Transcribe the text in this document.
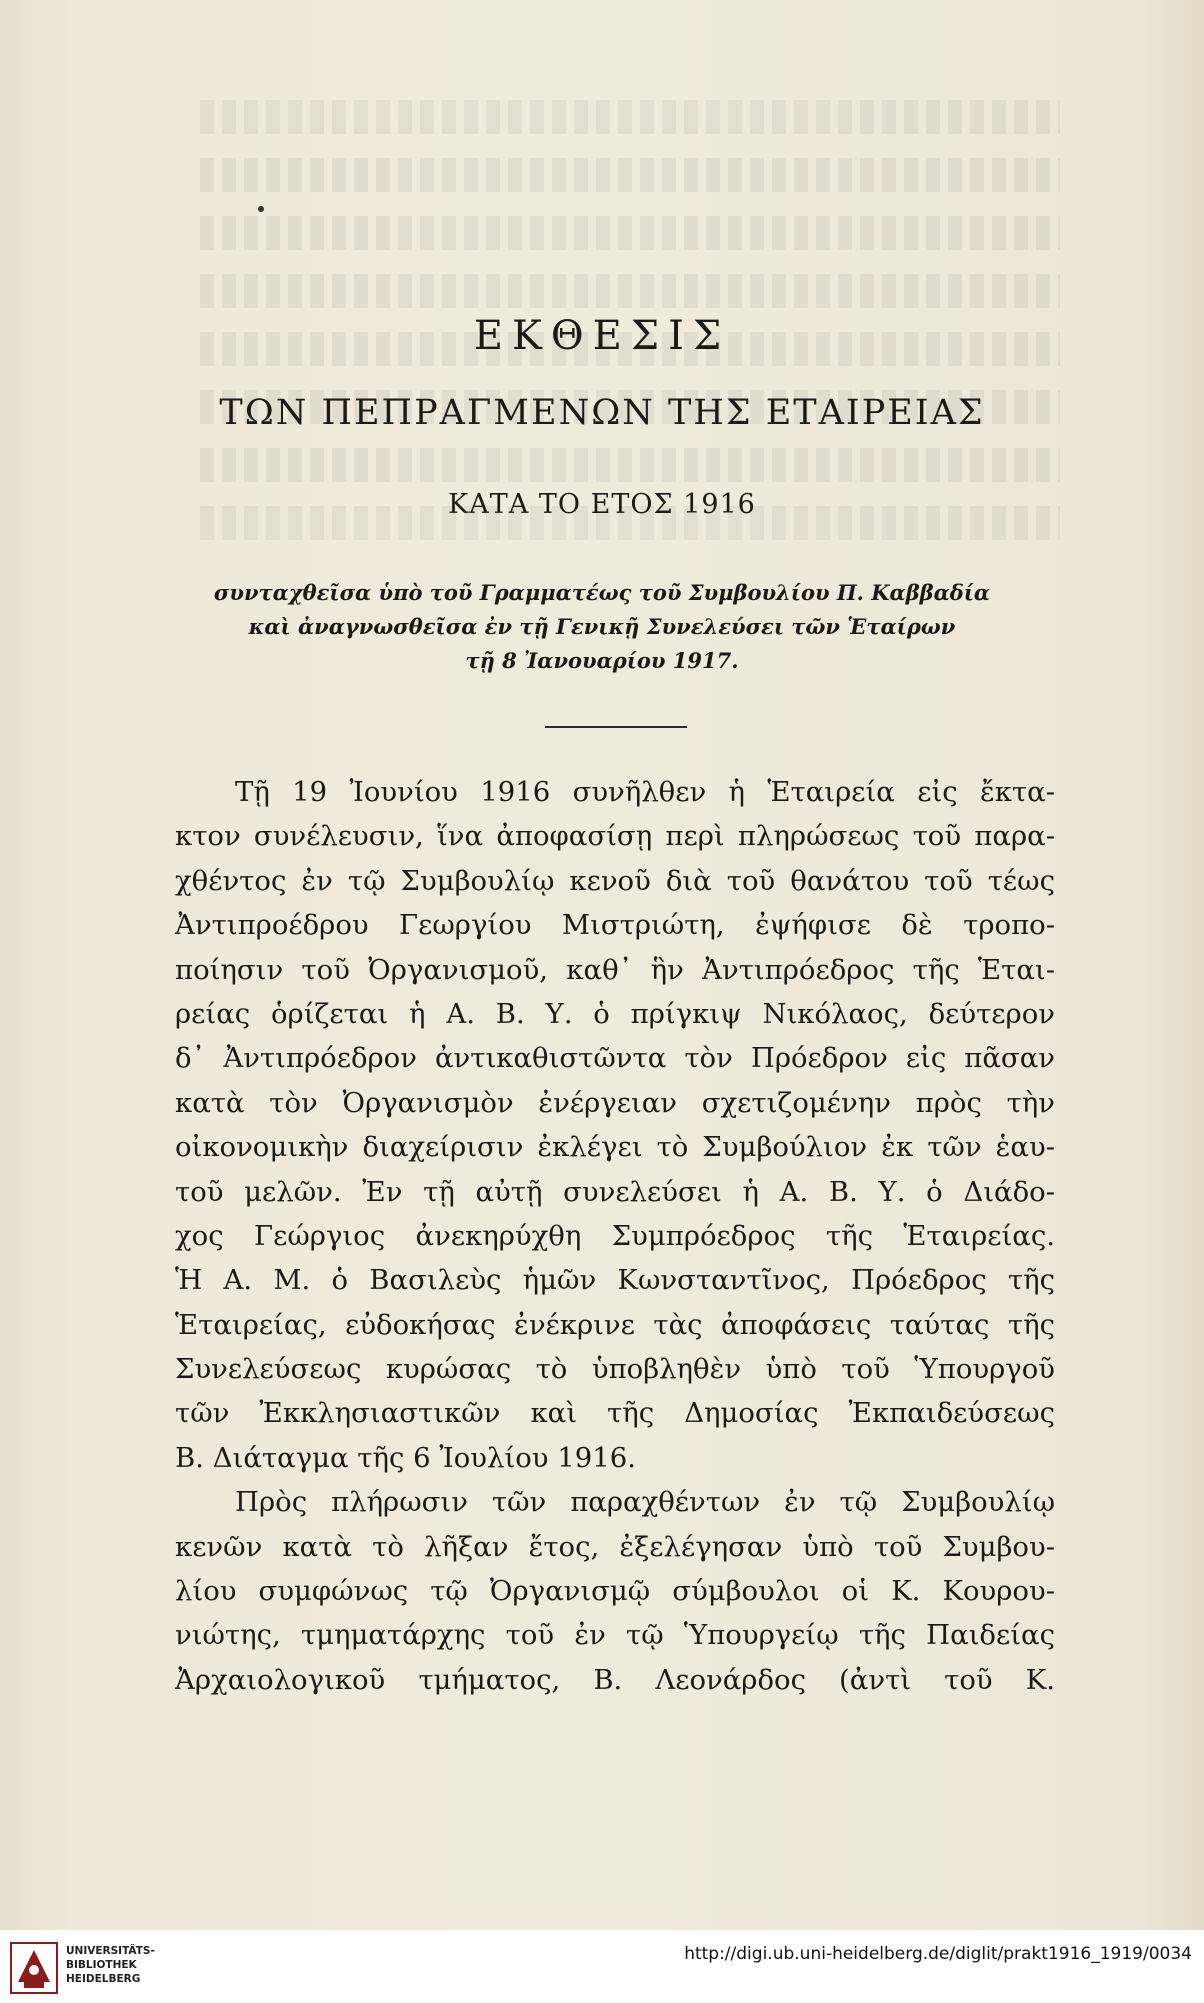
ΕΚΘΕΣΙΣ
ΤΩΝ ΠΕΠΡΑΓΜΕΝΩΝ ΤΗΣ ΕΤΑΙΡΕΙΑΣ
ΚΑΤΑ ΤΟ ΕΤΟΣ 1916
συνταχθεῖσα ὑπὸ τοῦ Γραμματέως τοῦ Συμβουλίου Π. Καββαδία
καὶ ἀναγνωσθεῖσα ἐν τῇ Γενικῇ Συνελεύσει τῶν Ἑταίρων
τῇ 8 Ἰανουαρίου 1917.
Τῇ 19 Ἰουνίου 1916 συνῆλθεν ἡ Ἑταιρεία εἰς ἔκτα-
κτον συνέλευσιν, ἵνα ἀποφασίσῃ περὶ πληρώσεως τοῦ παρα-
χθέντος ἐν τῷ Συμβουλίῳ κενοῦ διὰ τοῦ θανάτου τοῦ τέως
Ἀντιπροέδρου Γεωργίου Μιστριώτη, ἐψήφισε δὲ τροπο-
ποίησιν τοῦ Ὀργανισμοῦ, καθ᾽ ἣν Ἀντιπρόεδρος τῆς Ἑται-
ρείας ὁρίζεται ἡ Α. Β. Υ. ὁ πρίγκιψ Νικόλαος, δεύτερον
δ᾽ Ἀντιπρόεδρον ἀντικαθιστῶντα τὸν Πρόεδρον εἰς πᾶσαν
κατὰ τὸν Ὀργανισμὸν ἐνέργειαν σχετιζομένην πρὸς τὴν
οἰκονομικὴν διαχείρισιν ἐκλέγει τὸ Συμβούλιον ἐκ τῶν ἑαυ-
τοῦ μελῶν. Ἐν τῇ αὐτῇ συνελεύσει ἡ Α. Β. Υ. ὁ Διάδο-
χος Γεώργιος ἀνεκηρύχθη Συμπρόεδρος τῆς Ἑταιρείας.
Ἡ Α. Μ. ὁ Βασιλεὺς ἡμῶν Κωνσταντῖνος, Πρόεδρος τῆς
Ἑταιρείας, εὐδοκήσας ἐνέκρινε τὰς ἀποφάσεις ταύτας τῆς
Συνελεύσεως κυρώσας τὸ ὑποβληθὲν ὑπὸ τοῦ Ὑπουργοῦ
τῶν Ἐκκλησιαστικῶν καὶ τῆς Δημοσίας Ἐκπαιδεύσεως
Β. Διάταγμα τῆς 6 Ἰουλίου 1916.
Πρὸς πλήρωσιν τῶν παραχθέντων ἐν τῷ Συμβουλίῳ
κενῶν κατὰ τὸ λῆξαν ἔτος, ἐξελέγησαν ὑπὸ τοῦ Συμβου-
λίου συμφώνως τῷ Ὀργανισμῷ σύμβουλοι οἱ Κ. Κουρου-
νιώτης, τμηματάρχης τοῦ ἐν τῷ Ὑπουργείῳ τῆς Παιδείας
Ἀρχαιολογικοῦ τμήματος, Β. Λεονάρδος (ἀντὶ τοῦ Κ.
UNIVERSITÄTS-
BIBLIOTHEK
HEIDELBERG
http://digi.ub.uni-heidelberg.de/diglit/prakt1916_1919/0034
